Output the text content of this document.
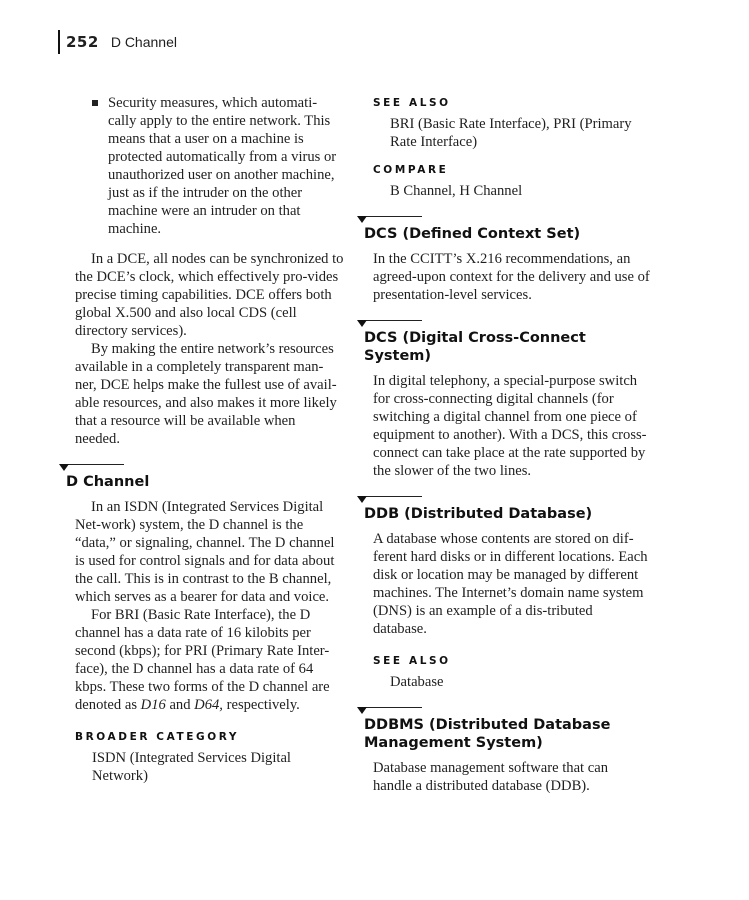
252 D Channel
Security measures, which automati-cally apply to the entire network. This means that a user on a machine is protected automatically from a virus or unauthorized user on another machine, just as if the intruder on the other machine were an intruder on that machine.

In a DCE, all nodes can be synchronized to the DCE’s clock, which effectively pro-vides precise timing capabilities. DCE offers both global X.500 and also local CDS (cell directory services).

By making the entire network’s resources available in a completely transparent man-ner, DCE helps make the fullest use of avail-able resources, and also makes it more likely that a resource will be available when needed.

D Channel

In an ISDN (Integrated Services Digital Net-work) system, the D channel is the “data,” or signaling, channel. The D channel is used for control signals and for data about the call. This is in contrast to the B channel, which serves as a bearer for data and voice.

For BRI (Basic Rate Interface), the D channel has a data rate of 16 kilobits per second (kbps); for PRI (Primary Rate Inter-face), the D channel has a data rate of 64 kbps. These two forms of the D channel are denoted as D16 and D64, respectively.

BROADER CATEGORY

ISDN (Integrated Services Digital Network)

SEE ALSO

BRI (Basic Rate Interface), PRI (Primary Rate Interface)

COMPARE

B Channel, H Channel

DCS (Defined Context Set)

In the CCITT’s X.216 recommendations, an agreed-upon context for the delivery and use of presentation-level services.

DCS (Digital Cross-Connect System)

In digital telephony, a special-purpose switch for cross-connecting digital channels (for switching a digital channel from one piece of equipment to another). With a DCS, this cross-connect can take place at the rate supported by the slower of the two lines.

DDB (Distributed Database)

A database whose contents are stored on dif-ferent hard disks or in different locations. Each disk or location may be managed by different machines. The Internet’s domain name system (DNS) is an example of a dis-tributed database.

SEE ALSO

Database

DDBMS (Distributed Database Management System)

Database management software that can handle a distributed database (DDB).
